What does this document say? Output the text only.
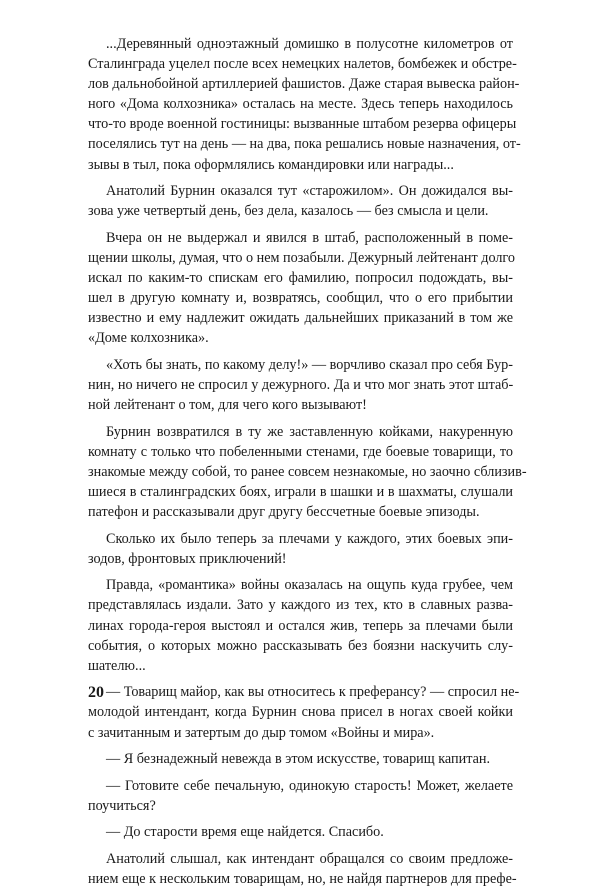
...Деревянный одноэтажный домишко в полусотне километров от
Сталинграда уцелел после всех немецких налетов, бомбежек и обстре-
лов дальнобойной артиллерией фашистов. Даже старая вывеска район-
ного «Дома колхозника» осталась на месте. Здесь теперь находилось
что-то вроде военной гостиницы: вызванные штабом резерва офицеры
поселялись тут на день — на два, пока решались новые назначения, от-
зывы в тыл, пока оформлялись командировки или награды...
Анатолий Бурнин оказался тут «старожилом». Он дожидался вы-
зова уже четвертый день, без дела, казалось — без смысла и цели.
Вчера он не выдержал и явился в штаб, расположенный в поме-
щении школы, думая, что о нем позабыли. Дежурный лейтенант долго
искал по каким-то спискам его фамилию, попросил подождать, вы-
шел в другую комнату и, возвратясь, сообщил, что о его прибытии
известно и ему надлежит ожидать дальнейших приказаний в том же
«Доме колхозника».
«Хоть бы знать, по какому делу!» — ворчливо сказал про себя Бур-
нин, но ничего не спросил у дежурного. Да и что мог знать этот штаб-
ной лейтенант о том, для чего кого вызывают!
Бурнин возвратился в ту же заставленную койками, накуренную
комнату с только что побеленными стенами, где боевые товарищи, то
знакомые между собой, то ранее совсем незнакомые, но заочно сблизив-
шиеся в сталинградских боях, играли в шашки и в шахматы, слушали
патефон и рассказывали друг другу бессчетные боевые эпизоды.
Сколько их было теперь за плечами у каждого, этих боевых эпи-
зодов, фронтовых приключений!
Правда, «романтика» войны оказалась на ощупь куда грубее, чем
представлялась издали. Зато у каждого из тех, кто в славных разва-
линах города-героя выстоял и остался жив, теперь за плечами были
события, о которых можно рассказывать без боязни наскучить слу-
шателю...
— Товарищ майор, как вы относитесь к преферансу? — спросил не-
молодой интендант, когда Бурнин снова присел в ногах своей койки
с зачитанным и затертым до дыр томом «Войны и мира».
— Я безнадежный невежда в этом искусстве, товарищ капитан.
— Готовите себе печальную, одинокую старость! Может, желаете
поучиться?
— До старости время еще найдется. Спасибо.
Анатолий слышал, как интендант обращался со своим предложе-
нием еще к нескольким товарищам, но, не найдя партнеров для префе-
20
